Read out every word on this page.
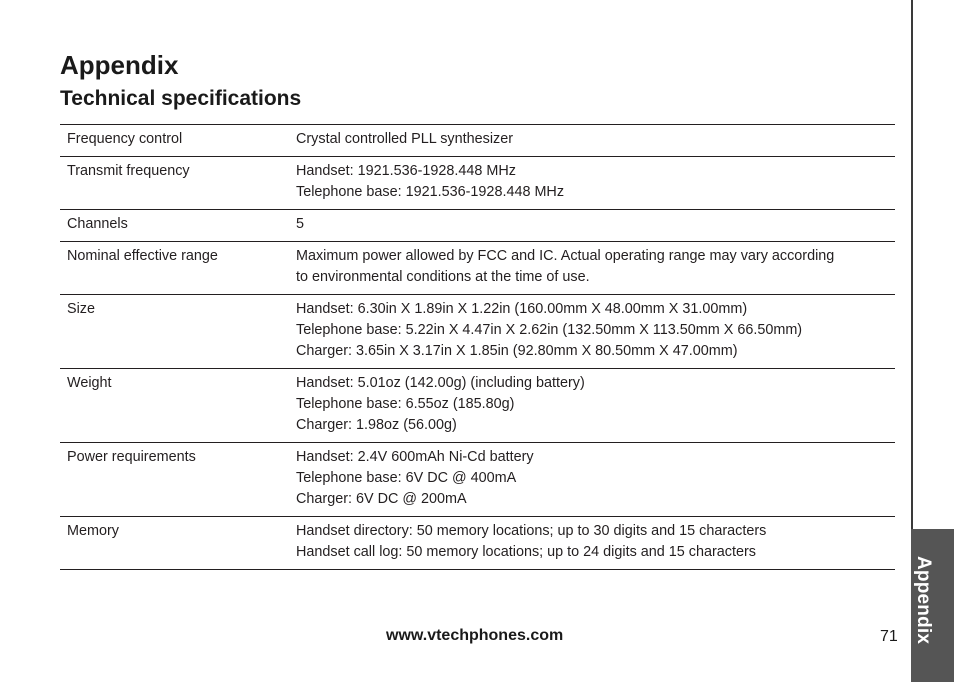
Appendix
Appendix
Technical specifications
Frequency control	Crystal controlled PLL synthesizer

Transmit frequency	Handset: 1921.536-1928.448 MHz
Telephone base: 1921.536-1928.448 MHz

Channels	5

Nominal effective range	Maximum power allowed by FCC and IC. Actual operating range may vary according
to environmental conditions at the time of use.

Size	Handset: 6.30in X 1.89in X 1.22in (160.00mm X 48.00mm X 31.00mm)
Telephone base: 5.22in X 4.47in X 2.62in (132.50mm X 113.50mm X 66.50mm)
Charger: 3.65in X 3.17in X 1.85in (92.80mm X 80.50mm X 47.00mm)

Weight	Handset: 5.01oz (142.00g) (including battery)
Telephone base: 6.55oz (185.80g)
Charger: 1.98oz (56.00g)

Power requirements	Handset: 2.4V 600mAh Ni-Cd battery
Telephone base: 6V DC @ 400mA
Charger: 6V DC @ 200mA

Memory	Handset directory: 50 memory locations; up to 30 digits and 15 characters
Handset call log: 50 memory locations; up to 24 digits and 15 characters
www.vtechphones.com	71
